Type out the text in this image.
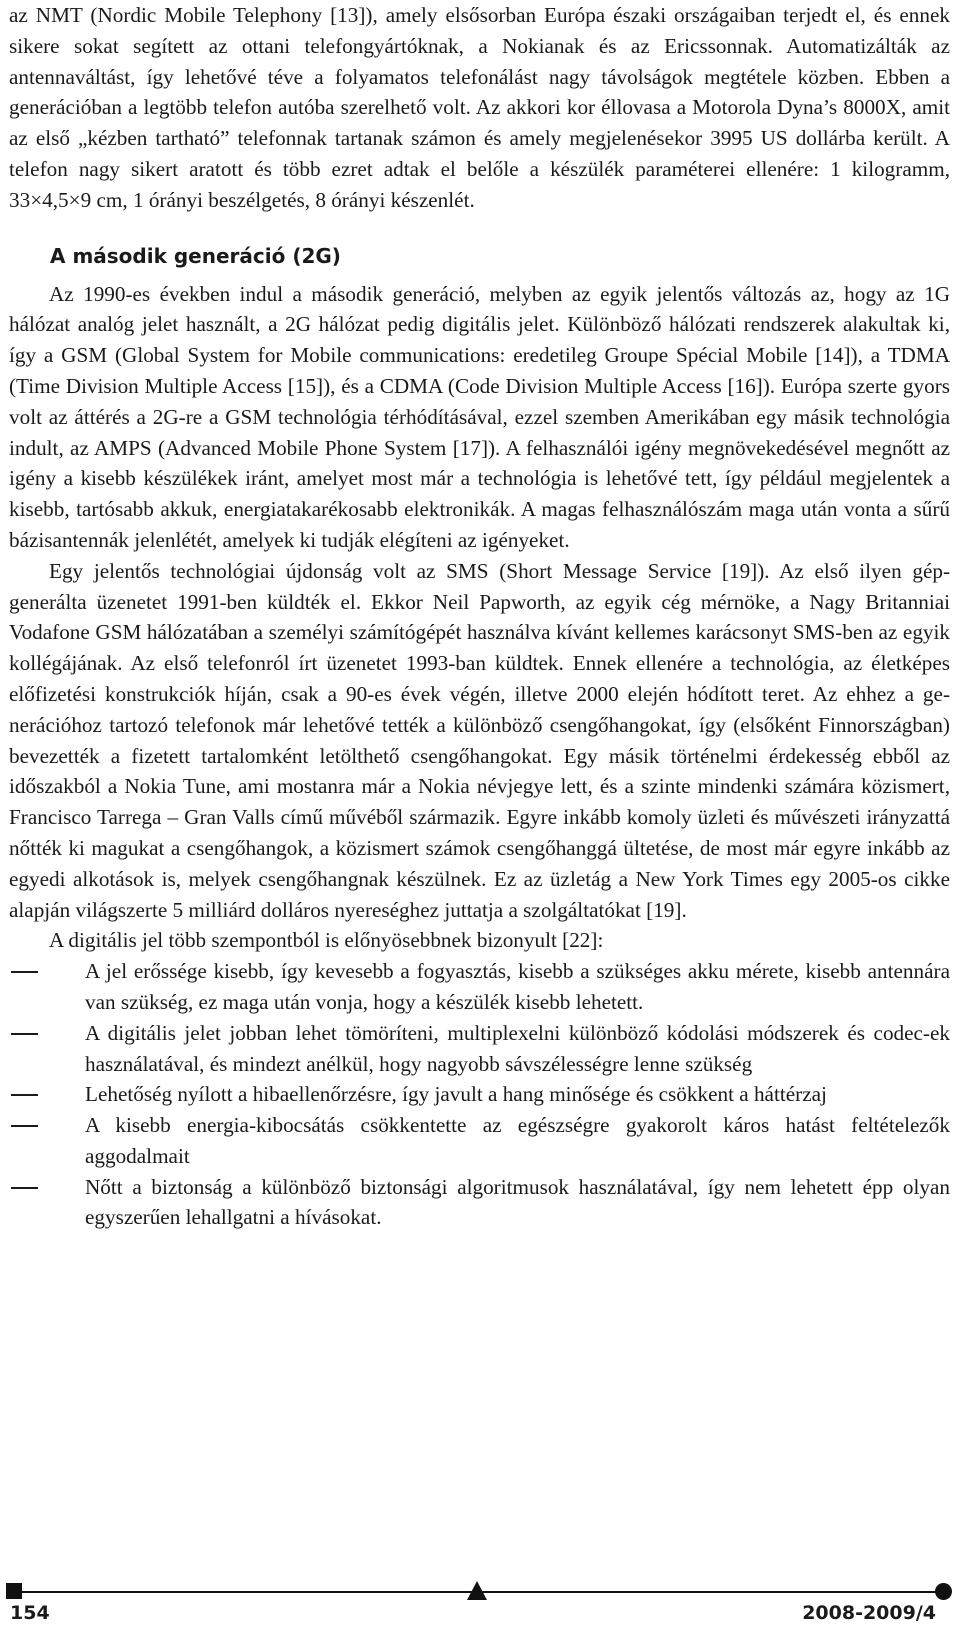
az NMT (Nordic Mobile Telephony [13]), amely elsősorban Európa északi országaiban terjedt el, és ennek sikere sokat segített az ottani telefongyártóknak, a Nokianak és az Ericssonnak. Automatizálták az antennaváltást, így lehetővé téve a folyamatos telefonálást nagy távolságok megtétele közben. Ebben a generációban a legtöbb telefon autóba szerelhető volt. Az akkori kor éllovasa a Motorola Dyna’s 8000X, amit az első „kézben tartható” telefonnak tartanak számon és amely megjelenésekor 3995 US dollárba került. A telefon nagy sikert aratott és több ezret adtak el belőle a készülék paraméterei ellenére: 1 kilogramm, 33×4,5×9 cm, 1 órányi beszélgetés, 8 órányi készenlét.

A második generáció (2G)

Az 1990-es években indul a második generáció, melyben az egyik jelentős változás az, hogy az 1G hálózat analóg jelet használt, a 2G hálózat pedig digitális jelet. Különböző hálózati rendszerek alakultak ki, így a GSM (Global System for Mobile communications: eredetileg Groupe Spécial Mobile [14]), a TDMA (Time Division Multiple Access [15]), és a CDMA (Code Division Multiple Access [16]). Európa szerte gyors volt az áttérés a 2G-re a GSM technológia térhódításával, ezzel szemben Amerikában egy másik technológia indult, az AMPS (Advanced Mobile Phone System [17]). A felhasználói igény megnövekedésével megnőtt az igény a kisebb készülékek iránt, amelyet most már a technológia is lehetővé tett, így például megjelentek a kisebb, tartósabb akkuk, energiatakarékosabb elektronikák. A magas felhasználószám maga után vonta a sűrű bázisantennák jelenlétét, amelyek ki tudják elégíteni az igényeket.

Egy jelentős technológiai újdonság volt az SMS (Short Message Service [19]). Az első ilyen gép-generálta üzenetet 1991-ben küldték el. Ekkor Neil Papworth, az egyik cég mérnöke, a Nagy Britanniai Vodafone GSM hálózatában a személyi számítógépét használva kívánt kellemes karácsonyt SMS-ben az egyik kollégájának. Az első telefonról írt üzenetet 1993-ban küldtek. Ennek ellenére a technológia, az életképes előfizetési konstrukciók híján, csak a 90-es évek végén, illetve 2000 elején hódított teret. Az ehhez a generációhoz tartozó telefonok már lehetővé tették a különböző csengőhangokat, így (elsőként Finnországban) bevezették a fizetett tartalomként letölthető csengőhangokat. Egy másik történelmi érdekesség ebből az időszakból a Nokia Tune, ami mostanra már a Nokia névjegye lett, és a szinte mindenki számára közismert, Francisco Tarrega – Gran Valls című művéből származik. Egyre inkább komoly üzleti és művészeti irányzattá nőtték ki magukat a csengőhangok, a közismert számok csengőhanggá ültetése, de most már egyre inkább az egyedi alkotások is, melyek csengőhangnak készülnek. Ez az üzletág a New York Times egy 2005-os cikke alapján világszerte 5 milliárd dolláros nyereséghez juttatja a szolgáltatókat [19].

A digitális jel több szempontból is előnyösebbnek bizonyult [22]:

A jel erőssége kisebb, így kevesebb a fogyasztás, kisebb a szükséges akku mérete, kisebb antennára van szükség, ez maga után vonja, hogy a készülék kisebb lehetett.
A digitális jelet jobban lehet tömöríteni, multiplexelni különböző kódolási módszerek és codec-ek használatával, és mindezt anélkül, hogy nagyobb sávszélességre lenne szükség
Lehetőség nyílott a hibaellenőrzésre, így javult a hang minősége és csökkent a háttérzaj
A kisebb energia-kibocsátás csökkentette az egészségre gyakorolt káros hatást feltételezők aggodalmait
Nőtt a biztonság a különböző biztonsági algoritmusok használatával, így nem lehetett épp olyan egyszerűen lehallgatni a hívásokat.
154	2008-2009/4
